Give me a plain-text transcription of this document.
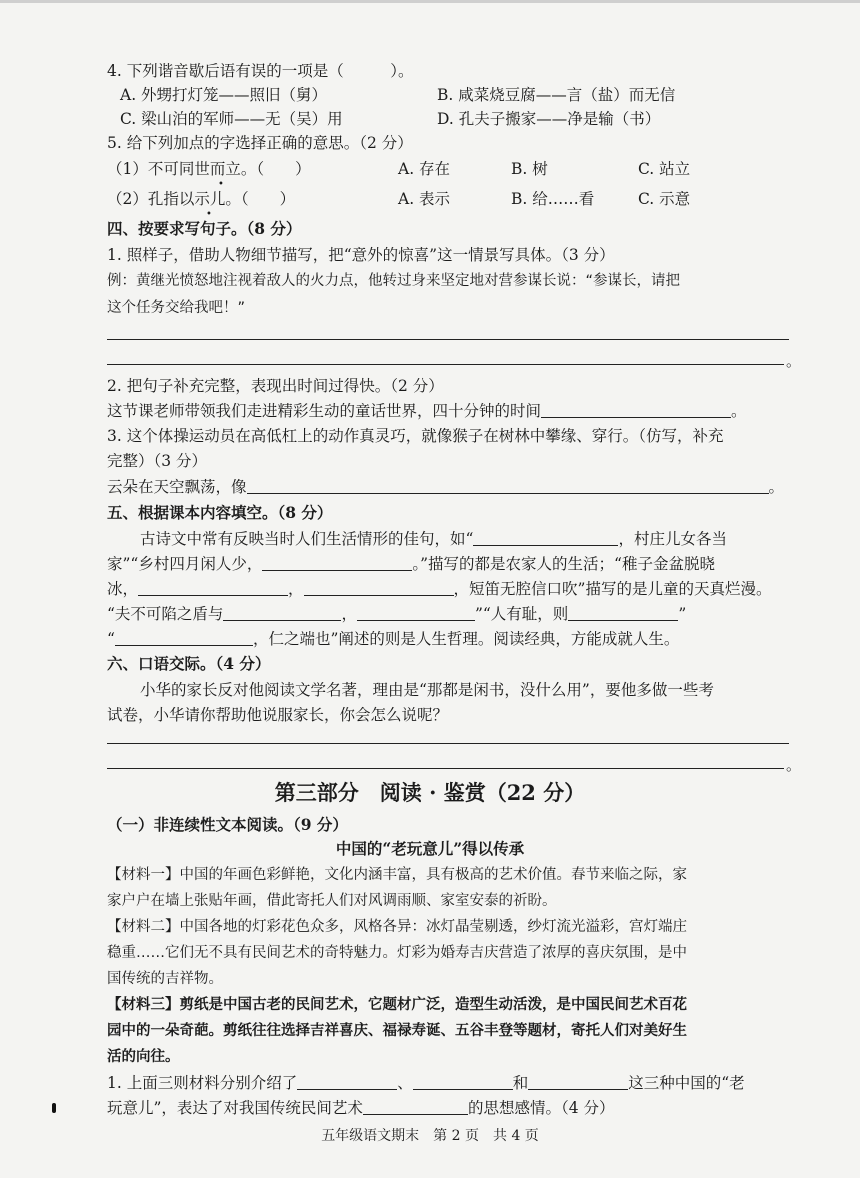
4. 下列谐音歇后语有误的一项是（　　　）。
A. 外甥打灯笼——照旧（舅）	B. 咸菜烧豆腐——言（盐）而无信
C. 梁山泊的军师——无（吴）用	D. 孔夫子搬家——净是输（书）
5. 给下列加点的字选择正确的意思。（2 分）
（1）不可同世而立。（　　）
•
A. 存在	B. 树	C. 站立
（2）孔指以示儿。（　　）
•
A. 表示	B. 给……看	C. 示意
四、按要求写句子。（8 分）
1. 照样子，借助人物细节描写，把“意外的惊喜”这一情景写具体。（3 分）
例：黄继光愤怒地注视着敌人的火力点，他转过身来坚定地对营参谋长说：“参谋长，请把
这个任务交给我吧！”
。
2. 把句子补充完整，表现出时间过得快。（2 分）
这节课老师带领我们走进精彩生动的童话世界，四十分钟的时间	。
3. 这个体操运动员在高低杠上的动作真灵巧，就像猴子在树林中攀缘、穿行。（仿写，补充
完整）（3 分）
云朵在天空飘荡，像	。
五、根据课本内容填空。（8 分）
古诗文中常有反映当时人们生活情形的佳句，如“	，村庄儿女各当
家”“乡村四月闲人少，	。”描写的都是农家人的生活；“稚子金盆脱晓
冰，	，	，短笛无腔信口吹”描写的是儿童的天真烂漫。
“夫不可陷之盾与	，	”“人有耻，则	”
“	，仁之端也”阐述的则是人生哲理。阅读经典，方能成就人生。
六、口语交际。（4 分）
小华的家长反对他阅读文学名著，理由是“那都是闲书，没什么用”，要他多做一些考
试卷，小华请你帮助他说服家长，你会怎么说呢？
。
第三部分　阅读 · 鉴赏（22 分）
（一）非连续性文本阅读。（9 分）
中国的“老玩意儿”得以传承
【材料一】中国的年画色彩鲜艳，文化内涵丰富，具有极高的艺术价值。春节来临之际，家
家户户在墙上张贴年画，借此寄托人们对风调雨顺、家室安泰的祈盼。
【材料二】中国各地的灯彩花色众多，风格各异：冰灯晶莹剔透，纱灯流光溢彩，宫灯端庄
稳重……它们无不具有民间艺术的奇特魅力。灯彩为婚寿吉庆营造了浓厚的喜庆氛围，是中
国传统的吉祥物。
【材料三】剪纸是中国古老的民间艺术，它题材广泛，造型生动活泼，是中国民间艺术百花
园中的一朵奇葩。剪纸往往选择吉祥喜庆、福禄寿诞、五谷丰登等题材，寄托人们对美好生
活的向往。
1. 上面三则材料分别介绍了	、	和	这三种中国的“老
玩意儿”，表达了对我国传统民间艺术	的思想感情。（4 分）
五年级语文期末　第 2 页　共 4 页
